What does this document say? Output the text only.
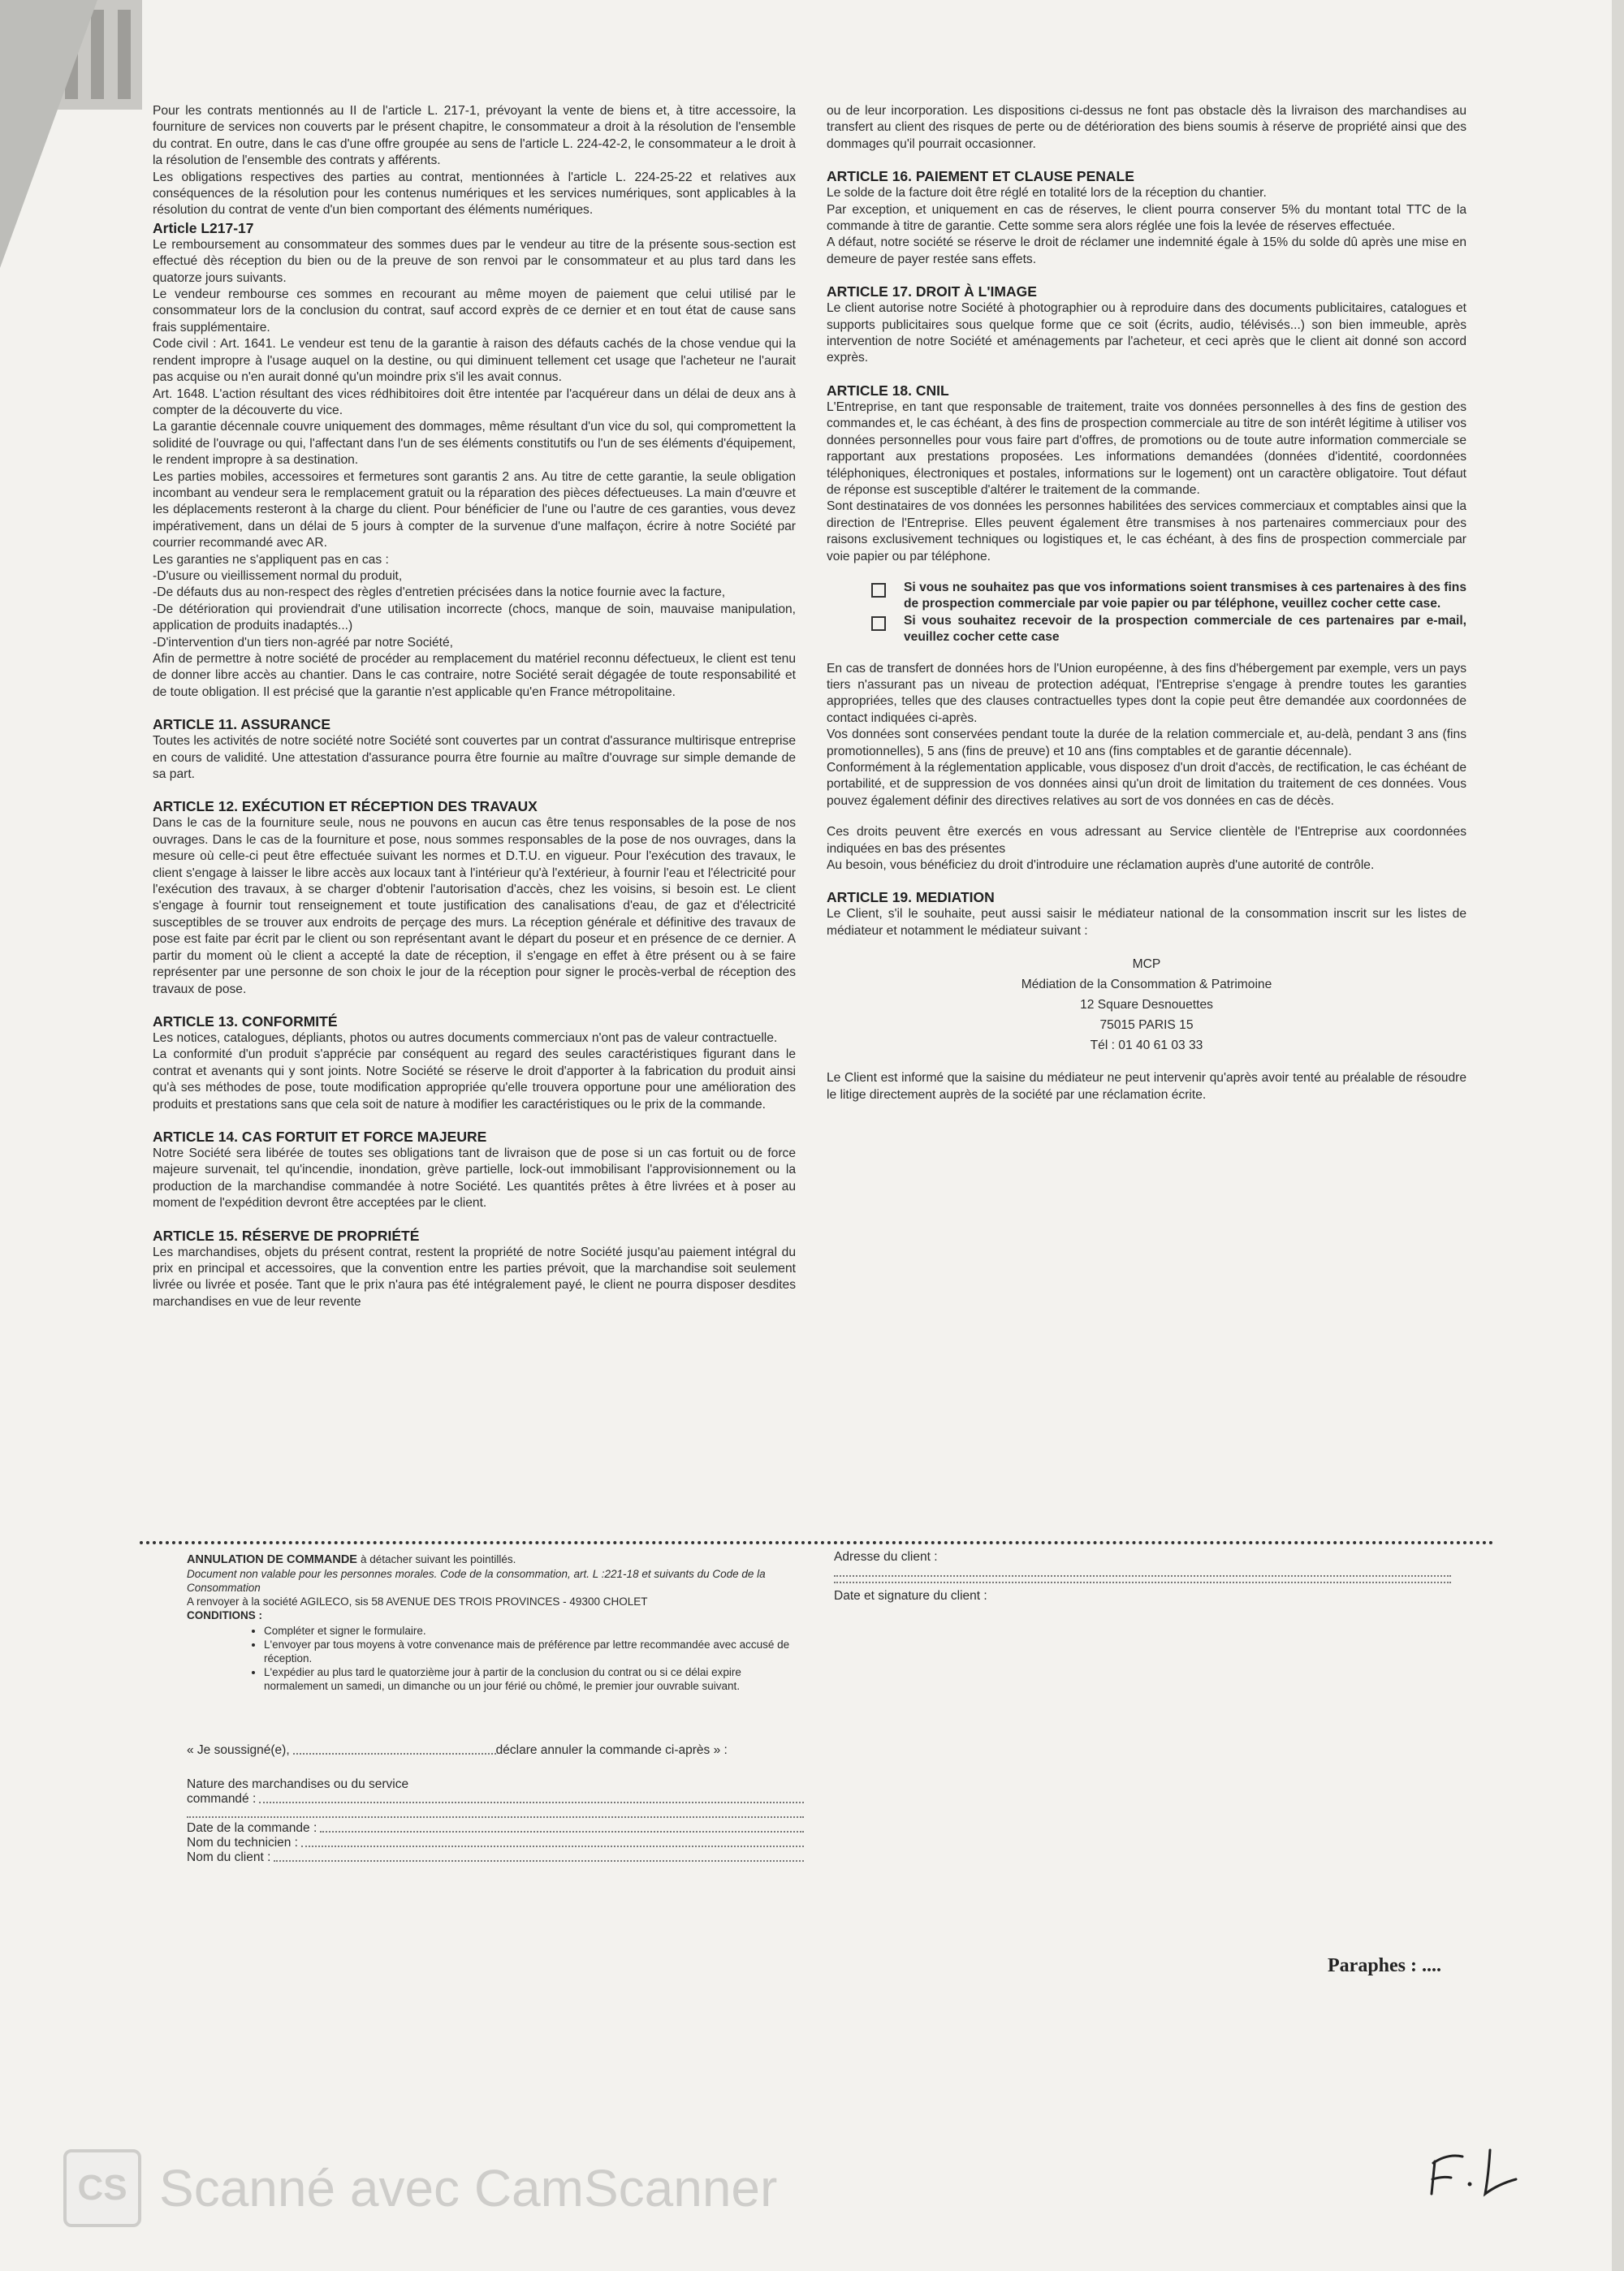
Pour les contrats mentionnés au II de l'article L. 217-1, prévoyant la vente de biens et, à titre accessoire, la fourniture de services non couverts par le présent chapitre, le consommateur a droit à la résolution de l'ensemble du contrat. En outre, dans le cas d'une offre groupée au sens de l'article L. 224-42-2, le consommateur a le droit à la résolution de l'ensemble des contrats y afférents.

Les obligations respectives des parties au contrat, mentionnées à l'article L. 224-25-22 et relatives aux conséquences de la résolution pour les contenus numériques et les services numériques, sont applicables à la résolution du contrat de vente d'un bien comportant des éléments numériques.

Article L217-17

Le remboursement au consommateur des sommes dues par le vendeur au titre de la présente sous-section est effectué dès réception du bien ou de la preuve de son renvoi par le consommateur et au plus tard dans les quatorze jours suivants.

Le vendeur rembourse ces sommes en recourant au même moyen de paiement que celui utilisé par le consommateur lors de la conclusion du contrat, sauf accord exprès de ce dernier et en tout état de cause sans frais supplémentaire.

Code civil : Art. 1641. Le vendeur est tenu de la garantie à raison des défauts cachés de la chose vendue qui la rendent impropre à l'usage auquel on la destine, ou qui diminuent tellement cet usage que l'acheteur ne l'aurait pas acquise ou n'en aurait donné qu'un moindre prix s'il les avait connus.

Art. 1648. L'action résultant des vices rédhibitoires doit être intentée par l'acquéreur dans un délai de deux ans à compter de la découverte du vice.

La garantie décennale couvre uniquement des dommages, même résultant d'un vice du sol, qui compromettent la solidité de l'ouvrage ou qui, l'affectant dans l'un de ses éléments constitutifs ou l'un de ses éléments d'équipement, le rendent impropre à sa destination.

Les parties mobiles, accessoires et fermetures sont garantis 2 ans. Au titre de cette garantie, la seule obligation incombant au vendeur sera le remplacement gratuit ou la réparation des pièces défectueuses. La main d'œuvre et les déplacements resteront à la charge du client. Pour bénéficier de l'une ou l'autre de ces garanties, vous devez impérativement, dans un délai de 5 jours à compter de la survenue d'une malfaçon, écrire à notre Société par courrier recommandé avec AR.

Les garanties ne s'appliquent pas en cas :

-D'usure ou vieillissement normal du produit,

-De défauts dus au non-respect des règles d'entretien précisées dans la notice fournie avec la facture,

-De détérioration qui proviendrait d'une utilisation incorrecte (chocs, manque de soin, mauvaise manipulation, application de produits inadaptés...)

-D'intervention d'un tiers non-agréé par notre Société,

Afin de permettre à notre société de procéder au remplacement du matériel reconnu défectueux, le client est tenu de donner libre accès au chantier. Dans le cas contraire, notre Société serait dégagée de toute responsabilité et de toute obligation. Il est précisé que la garantie n'est applicable qu'en France métropolitaine.

ARTICLE 11. ASSURANCE

Toutes les activités de notre société notre Société sont couvertes par un contrat d'assurance multirisque entreprise en cours de validité. Une attestation d'assurance pourra être fournie au maître d'ouvrage sur simple demande de sa part.

ARTICLE 12. EXÉCUTION ET RÉCEPTION DES TRAVAUX

Dans le cas de la fourniture seule, nous ne pouvons en aucun cas être tenus responsables de la pose de nos ouvrages. Dans le cas de la fourniture et pose, nous sommes responsables de la pose de nos ouvrages, dans la mesure où celle-ci peut être effectuée suivant les normes et D.T.U. en vigueur. Pour l'exécution des travaux, le client s'engage à laisser le libre accès aux locaux tant à l'intérieur qu'à l'extérieur, à fournir l'eau et l'électricité pour l'exécution des travaux, à se charger d'obtenir l'autorisation d'accès, chez les voisins, si besoin est. Le client s'engage à fournir tout renseignement et toute justification des canalisations d'eau, de gaz et d'électricité susceptibles de se trouver aux endroits de perçage des murs. La réception générale et définitive des travaux de pose est faite par écrit par le client ou son représentant avant le départ du poseur et en présence de ce dernier. A partir du moment où le client a accepté la date de réception, il s'engage en effet à être présent ou à se faire représenter par une personne de son choix le jour de la réception pour signer le procès-verbal de réception des travaux de pose.

ARTICLE 13. CONFORMITÉ

Les notices, catalogues, dépliants, photos ou autres documents commerciaux n'ont pas de valeur contractuelle.

La conformité d'un produit s'apprécie par conséquent au regard des seules caractéristiques figurant dans le contrat et avenants qui y sont joints. Notre Société se réserve le droit d'apporter à la fabrication du produit ainsi qu'à ses méthodes de pose, toute modification appropriée qu'elle trouvera opportune pour une amélioration des produits et prestations sans que cela soit de nature à modifier les caractéristiques ou le prix de la commande.

ARTICLE 14. CAS FORTUIT ET FORCE MAJEURE

Notre Société sera libérée de toutes ses obligations tant de livraison que de pose si un cas fortuit ou de force majeure survenait, tel qu'incendie, inondation, grève partielle, lock-out immobilisant l'approvisionnement ou la production de la marchandise commandée à notre Société. Les quantités prêtes à être livrées et à poser au moment de l'expédition devront être acceptées par le client.

ARTICLE 15. RÉSERVE DE PROPRIÉTÉ

Les marchandises, objets du présent contrat, restent la propriété de notre Société jusqu'au paiement intégral du prix en principal et accessoires, que la convention entre les parties prévoit, que la marchandise soit seulement livrée ou livrée et posée. Tant que le prix n'aura pas été intégralement payé, le client ne pourra disposer desdites marchandises en vue de leur revente

ou de leur incorporation. Les dispositions ci-dessus ne font pas obstacle dès la livraison des marchandises au transfert au client des risques de perte ou de détérioration des biens soumis à réserve de propriété ainsi que des dommages qu'il pourrait occasionner.

ARTICLE 16. PAIEMENT ET CLAUSE PENALE

Le solde de la facture doit être réglé en totalité lors de la réception du chantier.

Par exception, et uniquement en cas de réserves, le client pourra conserver 5% du montant total TTC de la commande à titre de garantie. Cette somme sera alors réglée une fois la levée de réserves effectuée.

A défaut, notre société se réserve le droit de réclamer une indemnité égale à 15% du solde dû après une mise en demeure de payer restée sans effets.

ARTICLE 17. DROIT À L'IMAGE

Le client autorise notre Société à photographier ou à reproduire dans des documents publicitaires, catalogues et supports publicitaires sous quelque forme que ce soit (écrits, audio, télévisés...) son bien immeuble, après intervention de notre Société et aménagements par l'acheteur, et ceci après que le client ait donné son accord exprès.

ARTICLE 18. CNIL

L'Entreprise, en tant que responsable de traitement, traite vos données personnelles à des fins de gestion des commandes et, le cas échéant, à des fins de prospection commerciale au titre de son intérêt légitime à utiliser vos données personnelles pour vous faire part d'offres, de promotions ou de toute autre information commerciale se rapportant aux prestations proposées. Les informations demandées (données d'identité, coordonnées téléphoniques, électroniques et postales, informations sur le logement) ont un caractère obligatoire. Tout défaut de réponse est susceptible d'altérer le traitement de la commande.

Sont destinataires de vos données les personnes habilitées des services commerciaux et comptables ainsi que la direction de l'Entreprise. Elles peuvent également être transmises à nos partenaires commerciaux pour des raisons exclusivement techniques ou logistiques et, le cas échéant, à des fins de prospection commerciale par voie papier ou par téléphone.

Si vous ne souhaitez pas que vos informations soient transmises à ces partenaires à des fins de prospection commerciale par voie papier ou par téléphone, veuillez cocher cette case.
Si vous souhaitez recevoir de la prospection commerciale de ces partenaires par e-mail, veuillez cocher cette case

En cas de transfert de données hors de l'Union européenne, à des fins d'hébergement par exemple, vers un pays tiers n'assurant pas un niveau de protection adéquat, l'Entreprise s'engage à prendre toutes les garanties appropriées, telles que des clauses contractuelles types dont la copie peut être demandée aux coordonnées de contact indiquées ci-après.

Vos données sont conservées pendant toute la durée de la relation commerciale et, au-delà, pendant 3 ans (fins promotionnelles), 5 ans (fins de preuve) et 10 ans (fins comptables et de garantie décennale).

Conformément à la réglementation applicable, vous disposez d'un droit d'accès, de rectification, le cas échéant de portabilité, et de suppression de vos données ainsi qu'un droit de limitation du traitement de ces données. Vous pouvez également définir des directives relatives au sort de vos données en cas de décès.

Ces droits peuvent être exercés en vous adressant au Service clientèle de l'Entreprise aux coordonnées indiquées en bas des présentes

Au besoin, vous bénéficiez du droit d'introduire une réclamation auprès d'une autorité de contrôle.

ARTICLE 19. MEDIATION

Le Client, s'il le souhaite, peut aussi saisir le médiateur national de la consommation inscrit sur les listes de médiateur et notamment le médiateur suivant :

MCP
Médiation de la Consommation & Patrimoine
12 Square Desnouettes
75015 PARIS 15
Tél : 01 40 61 03 33

Le Client est informé que la saisine du médiateur ne peut intervenir qu'après avoir tenté au préalable de résoudre le litige directement auprès de la société par une réclamation écrite.

ANNULATION DE COMMANDE à détacher suivant les pointillés.
Document non valable pour les personnes morales. Code de la consommation, art. L :221-18 et suivants du Code de la Consommation
A renvoyer à la société AGILECO, sis 58 AVENUE DES TROIS PROVINCES - 49300 CHOLET
CONDITIONS :
• Compléter et signer le formulaire.
• L'envoyer par tous moyens à votre convenance mais de préférence par lettre recommandée avec accusé de réception.
• L'expédier au plus tard le quatorzième jour à partir de la conclusion du contrat ou si ce délai expire normalement un samedi, un dimanche ou un jour férié ou chômé, le premier jour ouvrable suivant.
« Je soussigné(e),	déclare annuler la commande ci-après » :
Nature des marchandises ou du service
commandé :
Date de la commande :
Nom du technicien :
Nom du client :
Adresse du client :
Date et signature du client :
Paraphes : ....
CS Scanné avec CamScanner
